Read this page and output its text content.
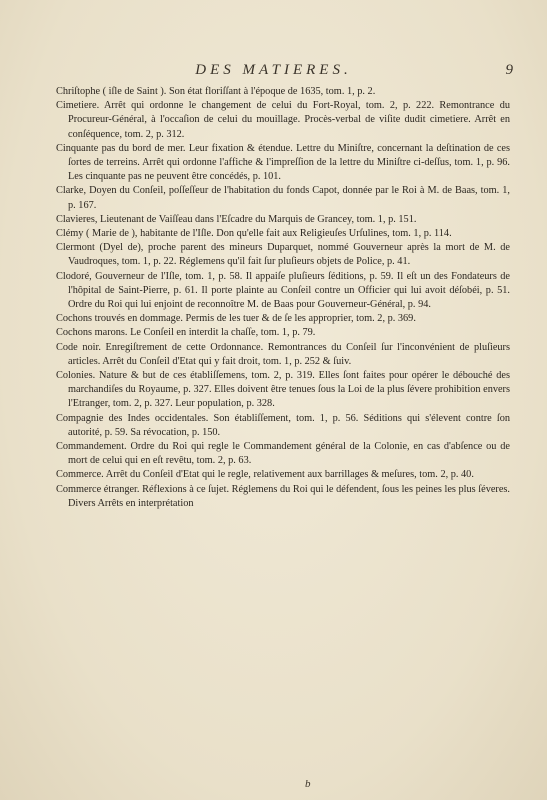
DES MATIERES.	9

Chriſtophe ( iſle de Saint ). Son état floriſſant à l'époque de 1635, tom. 1, p. 2.

Cimetiere. Arrêt qui ordonne le changement de celui du Fort-Royal, tom. 2, p. 222. Remontrance du Procureur-Général, à l'occaſion de celui du mouillage. Procès-verbal de viſite dudit cimetiere. Arrêt en conſéquence, tom. 2, p. 312.

Cinquante pas du bord de mer. Leur fixation & étendue. Lettre du Miniſtre, concernant la deſtination de ces ſortes de terreins. Arrêt qui ordonne l'affiche & l'impreſſion de la lettre du Miniſtre ci-deſſus, tom. 1, p. 96. Les cinquante pas ne peuvent être concédés, p. 101.

Clarke, Doyen du Conſeil, poſſeſſeur de l'habitation du fonds Capot, donnée par le Roi à M. de Baas, tom. 1, p. 167.

Clavieres, Lieutenant de Vaiſſeau dans l'Eſcadre du Marquis de Grancey, tom. 1, p. 151.

Clémy ( Marie de ), habitante de l'Iſle. Don qu'elle fait aux Religieuſes Urſulines, tom. 1, p. 114.

Clermont (Dyel de), proche parent des mineurs Duparquet, nommé Gouverneur après la mort de M. de Vaudroques, tom. 1, p. 22. Réglemens qu'il fait ſur pluſieurs objets de Police, p. 41.

Clodoré, Gouverneur de l'Iſle, tom. 1, p. 58. Il appaiſe pluſieurs ſéditions, p. 59. Il eſt un des Fondateurs de l'hôpital de Saint-Pierre, p. 61. Il porte plainte au Conſeil contre un Officier qui lui avoit déſobéi, p. 51. Ordre du Roi qui lui enjoint de reconnoître M. de Baas pour Gouverneur-Général, p. 94.

Cochons trouvés en dommage. Permis de les tuer & de ſe les approprier, tom. 2, p. 369.

Cochons marons. Le Conſeil en interdit la chaſſe, tom. 1, p. 79.

Code noir. Enregiſtrement de cette Ordonnance. Remontrances du Conſeil ſur l'inconvénient de pluſieurs articles. Arrêt du Conſeil d'Etat qui y fait droit, tom. 1, p. 252 & ſuiv.

Colonies. Nature & but de ces établiſſemens, tom. 2, p. 319. Elles ſont faites pour opérer le débouché des marchandiſes du Royaume, p. 327. Elles doivent être tenues ſous la Loi de la plus ſévere prohibition envers l'Etranger, tom. 2, p. 327. Leur population, p. 328.

Compagnie des Indes occidentales. Son établiſſement, tom. 1, p. 56. Séditions qui s'élevent contre ſon autorité, p. 59. Sa révocation, p. 150.

Commandement. Ordre du Roi qui regle le Commandement général de la Colonie, en cas d'abſence ou de mort de celui qui en eſt revêtu, tom. 2, p. 63.

Commerce. Arrêt du Conſeil d'Etat qui le regle, relativement aux barrillages & meſures, tom. 2, p. 40.

Commerce étranger. Réflexions à ce ſujet. Réglemens du Roi qui le défendent, ſous les peines les plus ſéveres. Divers Arrêts en interprétation

b
